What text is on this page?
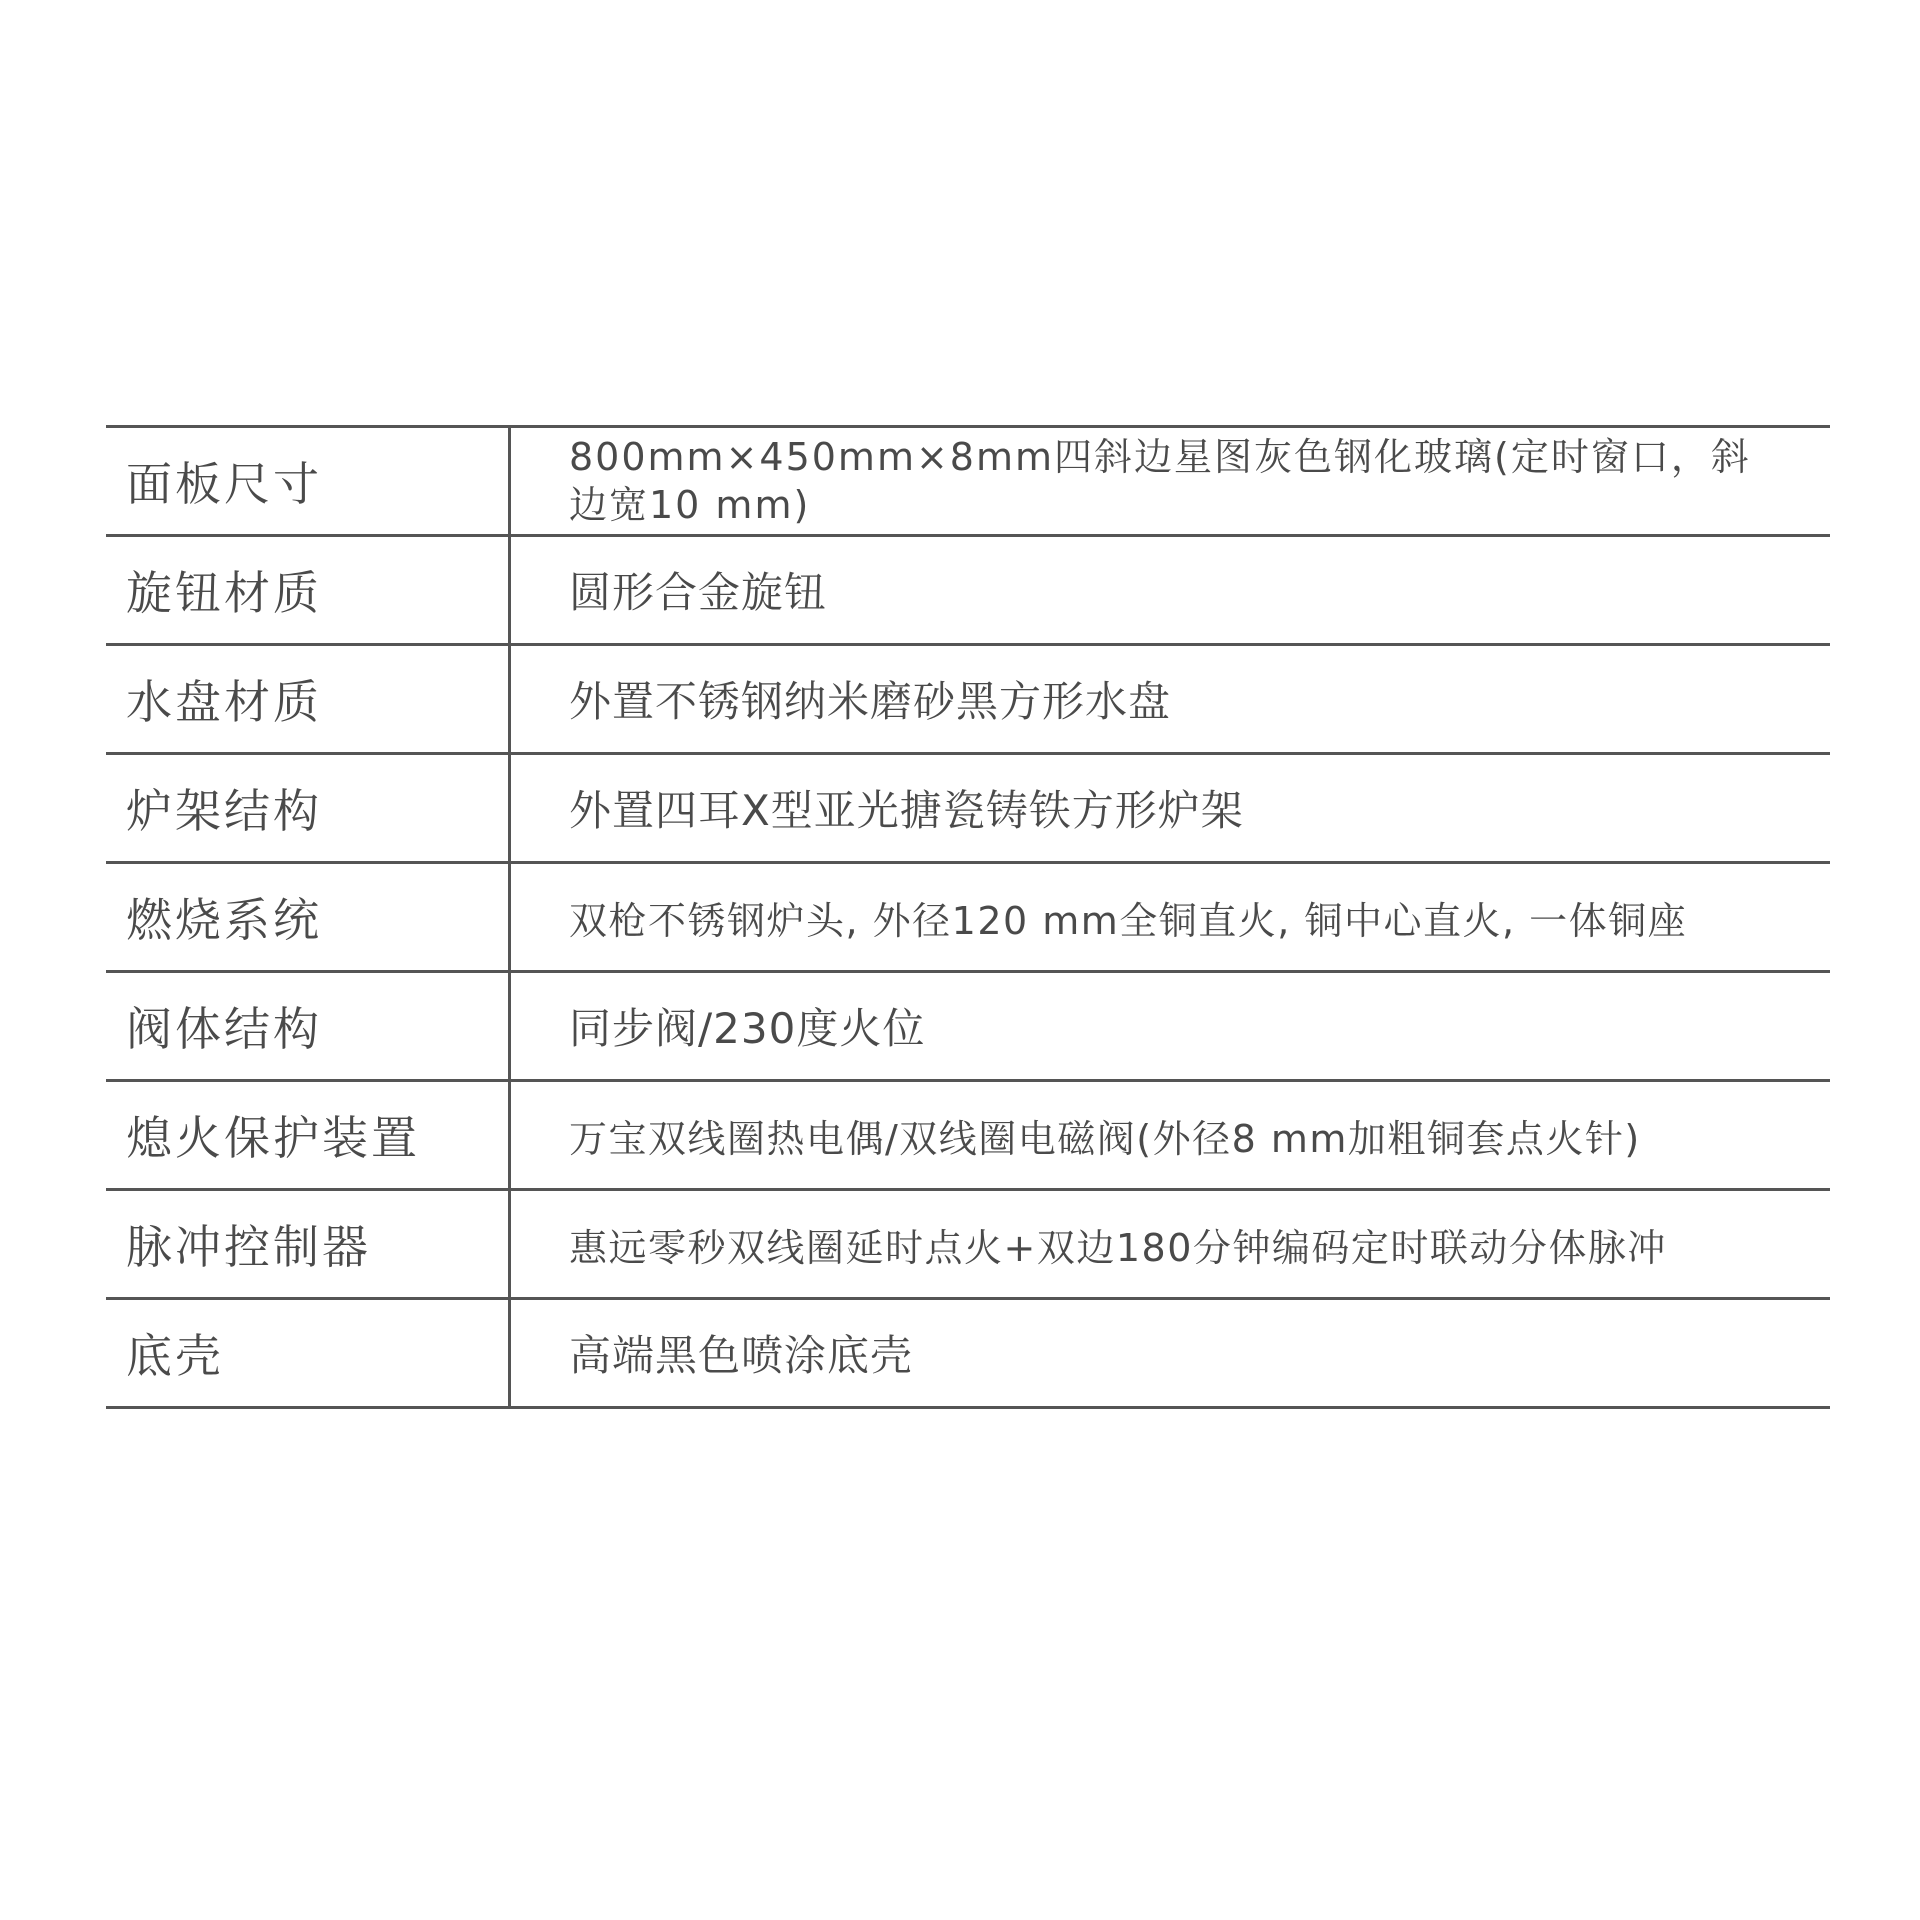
面板尺寸	800mm×450mm×8mm四斜边星图灰色钢化玻璃(定时窗口，斜边宽10 mm)
旋钮材质	圆形合金旋钮
水盘材质	外置不锈钢纳米磨砂黑方形水盘
炉架结构	外置四耳X型亚光搪瓷铸铁方形炉架
燃烧系统	双枪不锈钢炉头, 外径120 mm全铜直火, 铜中心直火, 一体铜座
阀体结构	同步阀/230度火位
熄火保护装置	万宝双线圈热电偶/双线圈电磁阀(外径8 mm加粗铜套点火针)
脉冲控制器	惠远零秒双线圈延时点火+双边180分钟编码定时联动分体脉冲
底壳	高端黑色喷涂底壳
